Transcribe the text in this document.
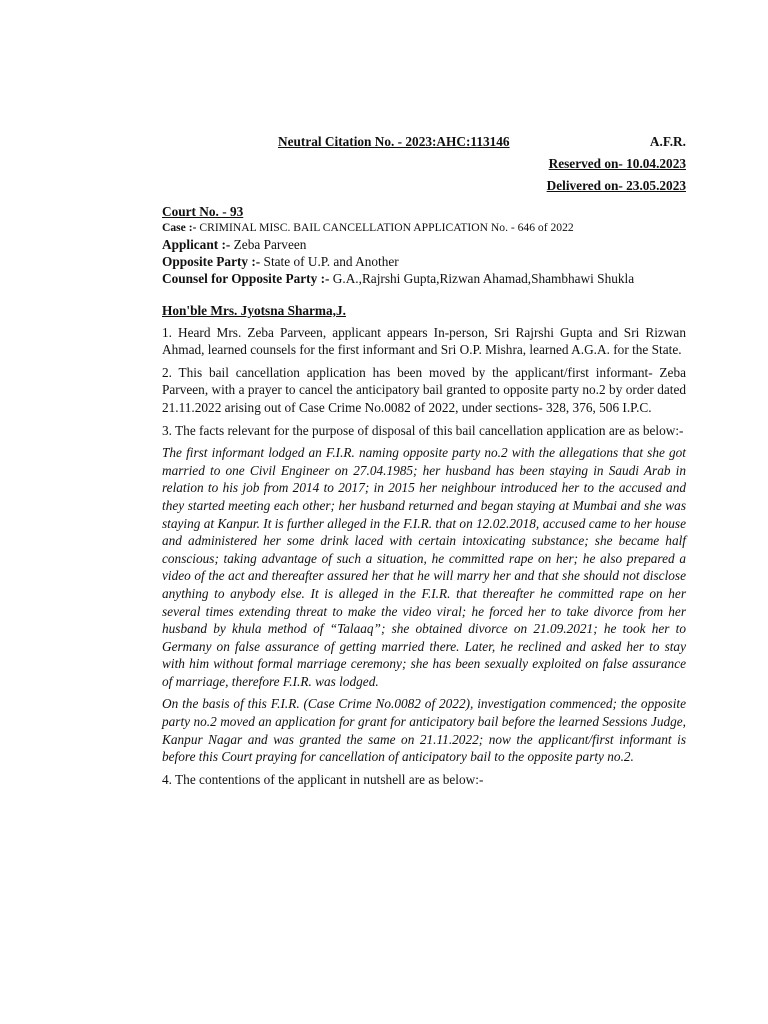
Neutral Citation No. - 2023:AHC:113146	A.F.R.
Reserved on- 10.04.2023
Delivered on- 23.05.2023
Court No. - 93
Case :- CRIMINAL MISC. BAIL CANCELLATION APPLICATION No. - 646 of 2022
Applicant :- Zeba Parveen
Opposite Party :- State of U.P. and Another
Counsel for Opposite Party :- G.A.,Rajrshi Gupta,Rizwan Ahamad,Shambhawi Shukla
Hon'ble Mrs. Jyotsna Sharma,J.

1. Heard Mrs. Zeba Parveen, applicant appears In-person, Sri Rajrshi Gupta and Sri Rizwan Ahmad, learned counsels for the first informant and Sri O.P. Mishra, learned A.G.A. for the State.

2. This bail cancellation application has been moved by the applicant/first informant- Zeba Parveen, with a prayer to cancel the anticipatory bail granted to opposite party no.2 by order dated 21.11.2022 arising out of Case Crime No.0082 of 2022, under sections- 328, 376, 506 I.P.C.

3. The facts relevant for the purpose of disposal of this bail cancellation application are as below:-

The first informant lodged an F.I.R. naming opposite party no.2 with the allegations that she got married to one Civil Engineer on 27.04.1985; her husband has been staying in Saudi Arab in relation to his job from 2014 to 2017; in 2015 her neighbour introduced her to the accused and they started meeting each other; her husband returned and began staying at Mumbai and she was staying at Kanpur. It is further alleged in the F.I.R. that on 12.02.2018, accused came to her house and administered her some drink laced with certain intoxicating substance; she became half conscious; taking advantage of such a situation, he committed rape on her; he also prepared a video of the act and thereafter assured her that he will marry her and that she should not disclose anything to anybody else. It is alleged in the F.I.R. that thereafter he committed rape on her several times extending threat to make the video viral; he forced her to take divorce from her husband by khula method of “Talaaq”; she obtained divorce on 21.09.2021; he took her to Germany on false assurance of getting married there. Later, he reclined and asked her to stay with him without formal marriage ceremony; she has been sexually exploited on false assurance of marriage, therefore F.I.R. was lodged.

On the basis of this F.I.R. (Case Crime No.0082 of 2022), investigation commenced; the opposite party no.2 moved an application for grant for anticipatory bail before the learned Sessions Judge, Kanpur Nagar and was granted the same on 21.11.2022; now the applicant/first informant is before this Court praying for cancellation of anticipatory bail to the opposite party no.2.

4. The contentions of the applicant in nutshell are as below:-
